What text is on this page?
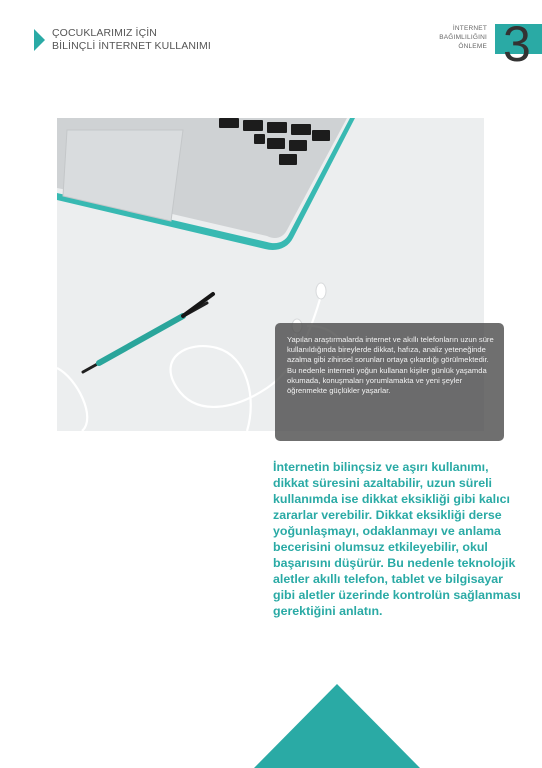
ÇOCUKLARIMIZ İÇİN
BİLİNÇLİ İNTERNET KULLANIMI
İNTERNET
BAĞIMLILIĞINI
ÖNLEME 3
Yapılan araştırmalarda internet ve akıllı telefonların uzun süre kullanıldığında bireylerde dikkat, hafıza, analiz yeteneğinde azalma gibi zihinsel sorunları ortaya çıkardığı görülmektedir. Bu nedenle interneti yoğun kullanan kişiler günlük yaşamda okumada, konuşmaları yorumlamakta ve yeni şeyler öğrenmekte güçlükler yaşarlar.
İnternetin bilinçsiz ve aşırı kullanımı, dikkat süresini azaltabilir, uzun süreli kullanımda ise dikkat eksikliği gibi kalıcı zararlar verebilir. Dikkat eksikliği derse yoğunlaşmayı, odaklanmayı ve anlama becerisini olumsuz etkileyebilir, okul başarısını düşürür. Bu nedenle teknolojik aletler akıllı telefon, tablet ve bilgisayar gibi aletler üzerinde kontrolün sağlanması gerektiğini anlatın.
